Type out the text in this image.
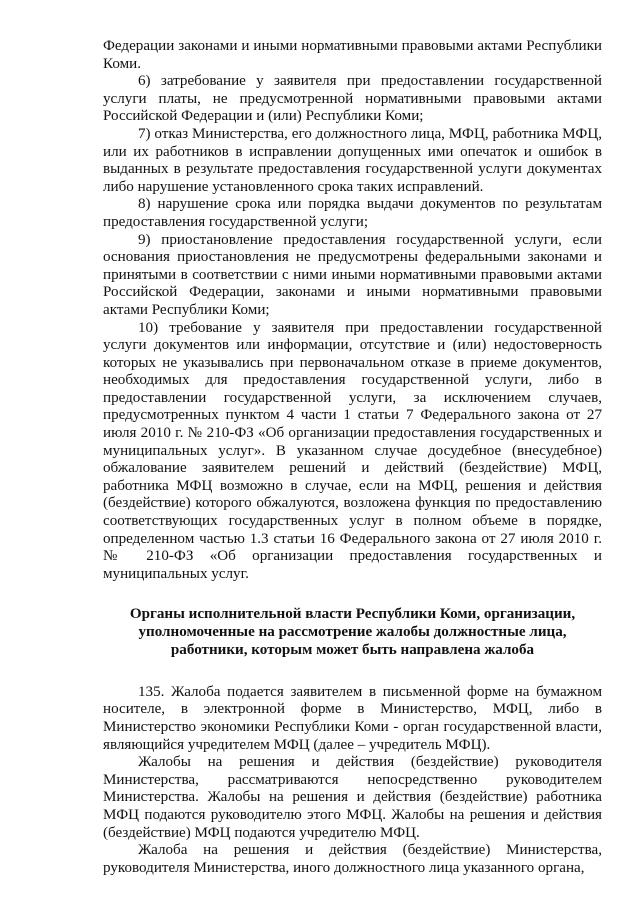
Федерации законами и иными нормативными правовыми актами Республики Коми.

6) затребование у заявителя при предоставлении государственной услуги платы, не предусмотренной нормативными правовыми актами Российской Федерации и (или) Республики Коми;

7) отказ Министерства, его должностного лица, МФЦ, работника МФЦ, или их работников в исправлении допущенных ими опечаток и ошибок в выданных в результате предоставления государственной услуги документах либо нарушение установленного срока таких исправлений.

8) нарушение срока или порядка выдачи документов по результатам предоставления государственной услуги;

9) приостановление предоставления государственной услуги, если основания приостановления не предусмотрены федеральными законами и принятыми в соответствии с ними иными нормативными правовыми актами Российской Федерации, законами и иными нормативными правовыми актами Республики Коми;

10) требование у заявителя при предоставлении государственной услуги документов или информации, отсутствие и (или) недостоверность которых не указывались при первоначальном отказе в приеме документов, необходимых для предоставления государственной услуги, либо в предоставлении государственной услуги, за исключением случаев, предусмотренных пунктом 4 части 1 статьи 7 Федерального закона от 27 июля 2010 г. № 210-ФЗ «Об организации предоставления государственных и муниципальных услуг». В указанном случае досудебное (внесудебное) обжалование заявителем решений и действий (бездействие) МФЦ, работника МФЦ возможно в случае, если на МФЦ, решения и действия (бездействие) которого обжалуются, возложена функция по предоставлению соответствующих государственных услуг в полном объеме в порядке, определенном частью 1.3 статьи 16 Федерального закона от 27 июля 2010 г. № 210-ФЗ «Об организации предоставления государственных и муниципальных услуг.

Органы исполнительной власти Республики Коми, организации,
уполномоченные на рассмотрение жалобы должностные лица,
работники, которым может быть направлена жалоба

135. Жалоба подается заявителем в письменной форме на бумажном носителе, в электронной форме в Министерство, МФЦ, либо в Министерство экономики Республики Коми - орган государственной власти, являющийся учредителем МФЦ (далее – учредитель МФЦ).

Жалобы на решения и действия (бездействие) руководителя Министерства, рассматриваются непосредственно руководителем Министерства. Жалобы на решения и действия (бездействие) работника МФЦ подаются руководителю этого МФЦ. Жалобы на решения и действия (бездействие) МФЦ подаются учредителю МФЦ.

Жалоба на решения и действия (бездействие) Министерства, руководителя Министерства, иного должностного лица указанного органа,
